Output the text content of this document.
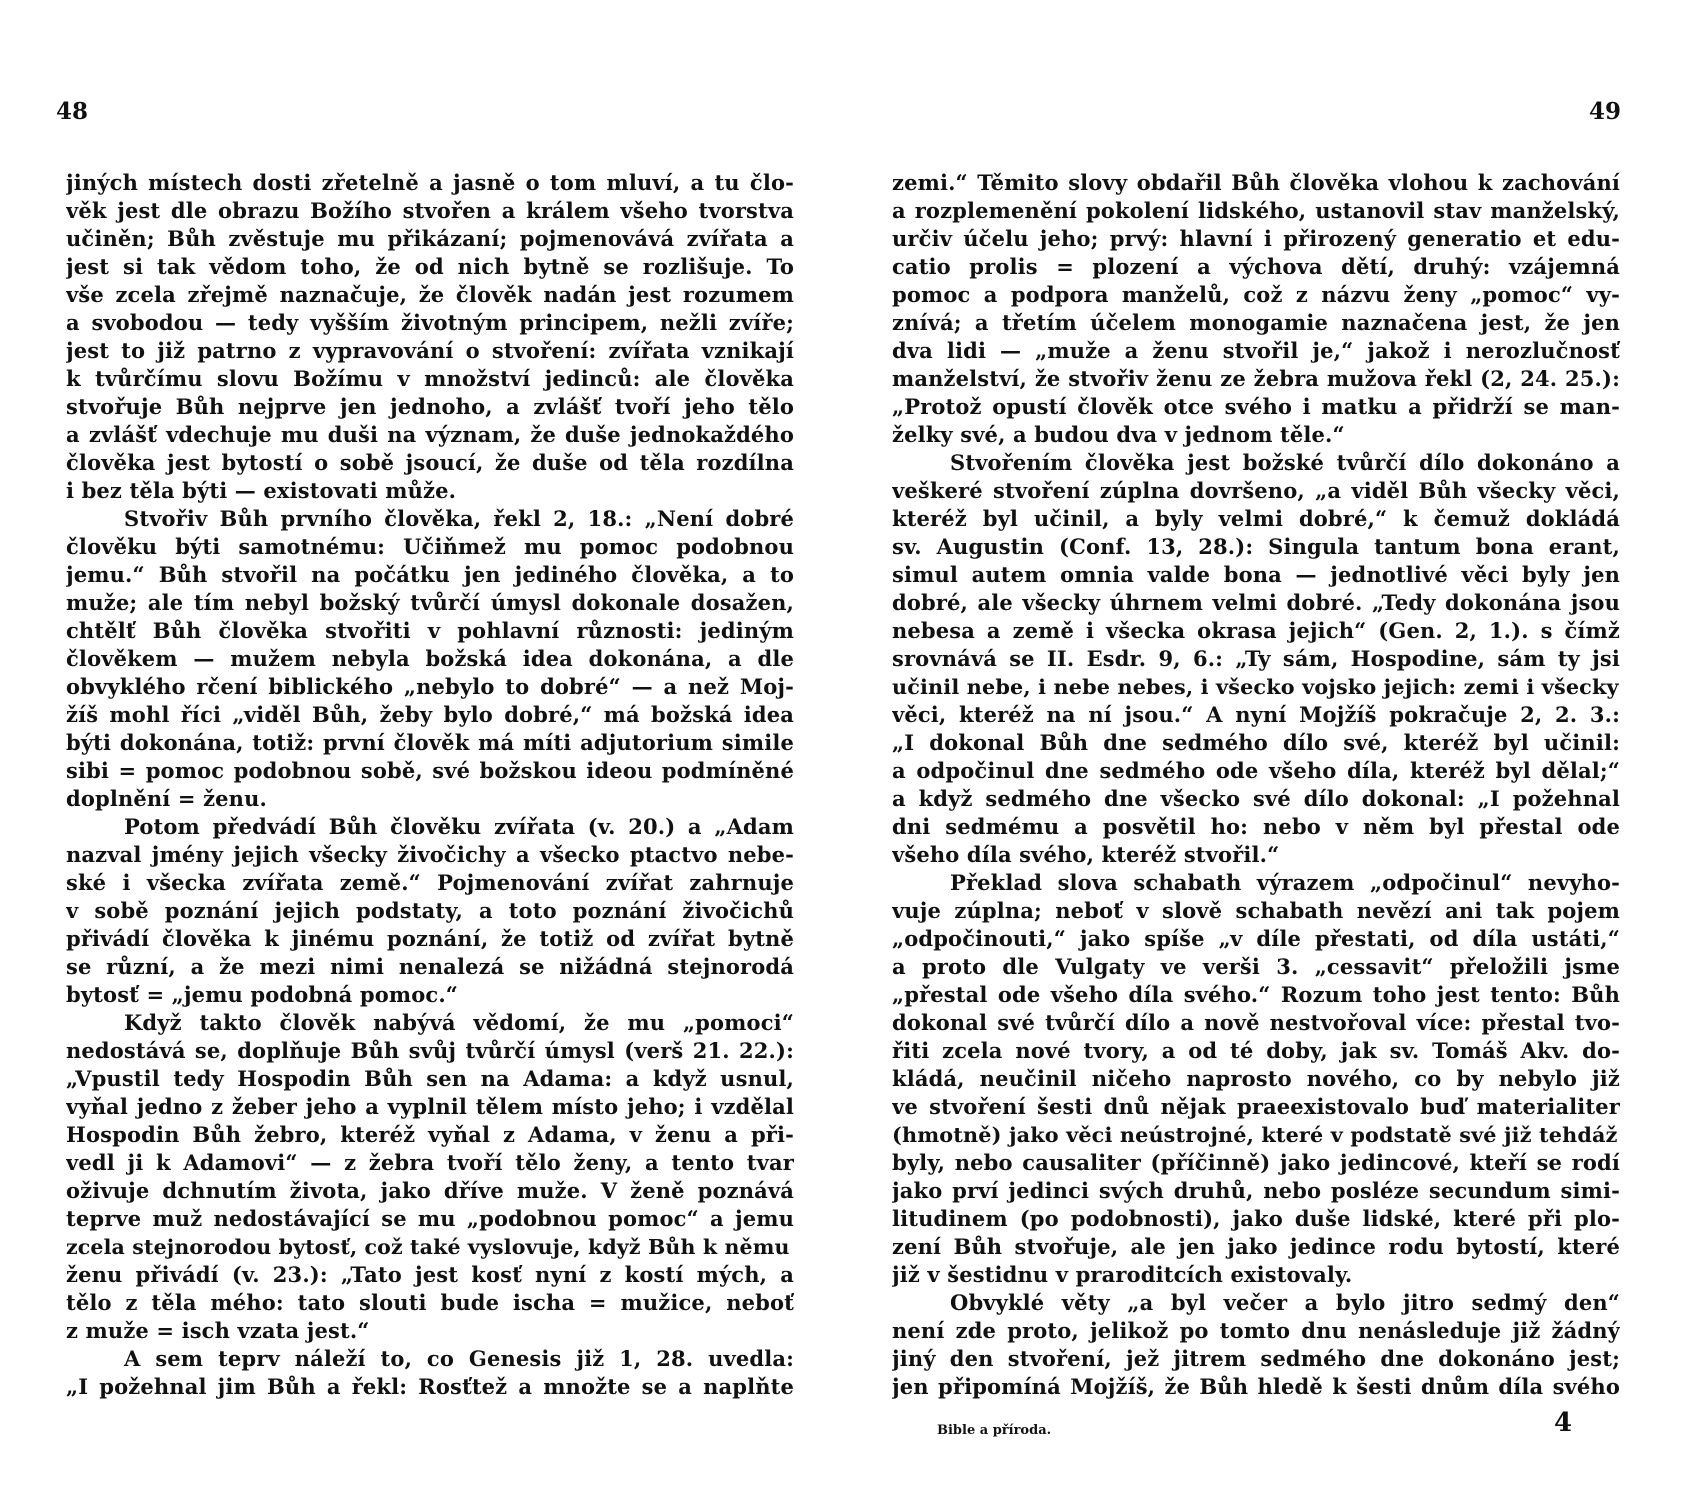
48
jiných místech dosti zřetelně a jasně o tom mluví, a tu člo-
věk jest dle obrazu Božího stvořen a králem všeho tvorstva
učiněn; Bůh zvěstuje mu přikázaní; pojmenovává zvířata a
jest si tak vědom toho, že od nich bytně se rozlišuje. To
vše zcela zřejmě naznačuje, že člověk nadán jest rozumem
a svobodou — tedy vyšším životným principem, nežli zvíře;
jest to již patrno z vypravování o stvoření: zvířata vznikají
k tvůrčímu slovu Božímu v množství jedinců: ale člověka
stvořuje Bůh nejprve jen jednoho, a zvlášť tvoří jeho tělo
a zvlášť vdechuje mu duši na význam, že duše jednokaždého
člověka jest bytostí o sobě jsoucí, že duše od těla rozdílna
i bez těla býti — existovati může.
Stvořiv Bůh prvního člověka, řekl 2, 18.: „Není dobré
člověku býti samotnému: Učiňmež mu pomoc podobnou
jemu.“ Bůh stvořil na počátku jen jediného člověka, a to
muže; ale tím nebyl božský tvůrčí úmysl dokonale dosažen,
chtělť Bůh člověka stvořiti v pohlavní různosti: jediným
člověkem — mužem nebyla božská idea dokonána, a dle
obvyklého rčení biblického „nebylo to dobré“ — a než Moj-
žíš mohl říci „viděl Bůh, žeby bylo dobré,“ má božská idea
býti dokonána, totiž: první člověk má míti adjutorium simile
sibi = pomoc podobnou sobě, své božskou ideou podmíněné
doplnění = ženu.
Potom předvádí Bůh člověku zvířata (v. 20.) a „Adam
nazval jmény jejich všecky živočichy a všecko ptactvo nebe-
ské i všecka zvířata země.“ Pojmenování zvířat zahrnuje
v sobě poznání jejich podstaty, a toto poznání živočichů
přivádí člověka k jinému poznání, že totiž od zvířat bytně
se různí, a že mezi nimi nenalezá se nižádná stejnorodá
bytosť = „jemu podobná pomoc.“
Když takto člověk nabývá vědomí, že mu „pomoci“
nedostává se, doplňuje Bůh svůj tvůrčí úmysl (verš 21. 22.):
„Vpustil tedy Hospodin Bůh sen na Adama: a když usnul,
vyňal jedno z žeber jeho a vyplnil tělem místo jeho; i vzdělal
Hospodin Bůh žebro, kteréž vyňal z Adama, v ženu a při-
vedl ji k Adamovi“ — z žebra tvoří tělo ženy, a tento tvar
oživuje dchnutím života, jako dříve muže. V ženě poznává
teprve muž nedostávající se mu „podobnou pomoc“ a jemu
zcela stejnorodou bytosť, což také vyslovuje, když Bůh k němu
ženu přivádí (v. 23.): „Tato jest kosť nyní z kostí mých, a
tělo z těla mého: tato slouti bude ischa = mužice, neboť
z muže = isch vzata jest.“
A sem teprv náleží to, co Genesis již 1, 28. uvedla:
„I požehnal jim Bůh a řekl: Rosťtež a množte se a naplňte
49
zemi.“ Těmito slovy obdařil Bůh člověka vlohou k zachování
a rozplemenění pokolení lidského, ustanovil stav manželský,
určiv účelu jeho; prvý: hlavní i přirozený generatio et edu-
catio prolis = plození a výchova dětí, druhý: vzájemná
pomoc a podpora manželů, což z názvu ženy „pomoc“ vy-
znívá; a třetím účelem monogamie naznačena jest, že jen
dva lidi — „muže a ženu stvořil je,“ jakož i nerozlučnosť
manželství, že stvořiv ženu ze žebra mužova řekl (2, 24. 25.):
„Protož opustí člověk otce svého i matku a přidrží se man-
želky své, a budou dva v jednom těle.“
Stvořením člověka jest božské tvůrčí dílo dokonáno a
veškeré stvoření zúplna dovršeno, „a viděl Bůh všecky věci,
kteréž byl učinil, a byly velmi dobré,“ k čemuž dokládá
sv. Augustin (Conf. 13, 28.): Singula tantum bona erant,
simul autem omnia valde bona — jednotlivé věci byly jen
dobré, ale všecky úhrnem velmi dobré. „Tedy dokonána jsou
nebesa a země i všecka okrasa jejich“ (Gen. 2, 1.). s čímž
srovnává se II. Esdr. 9, 6.: „Ty sám, Hospodine, sám ty jsi
učinil nebe, i nebe nebes, i všecko vojsko jejich: zemi i všecky
věci, kteréž na ní jsou.“ A nyní Mojžíš pokračuje 2, 2. 3.:
„I dokonal Bůh dne sedmého dílo své, kteréž byl učinil:
a odpočinul dne sedmého ode všeho díla, kteréž byl dělal;“
a když sedmého dne všecko své dílo dokonal: „I požehnal
dni sedmému a posvětil ho: nebo v něm byl přestal ode
všeho díla svého, kteréž stvořil.“
Překlad slova schabath výrazem „odpočinul“ nevyho-
vuje zúplna; neboť v slově schabath nevězí ani tak pojem
„odpočinouti,“ jako spíše „v díle přestati, od díla ustáti,“
a proto dle Vulgaty ve verši 3. „cessavit“ přeložili jsme
„přestal ode všeho díla svého.“ Rozum toho jest tento: Bůh
dokonal své tvůrčí dílo a nově nestvořoval více: přestal tvo-
řiti zcela nové tvory, a od té doby, jak sv. Tomáš Akv. do-
kládá, neučinil ničeho naprosto nového, co by nebylo již
ve stvoření šesti dnů nějak praeexistovalo buď materialiter
(hmotně) jako věci neústrojné, které v podstatě své již tehdáž
byly, nebo causaliter (příčinně) jako jedincové, kteří se rodí
jako prví jedinci svých druhů, nebo posléze secundum simi-
litudinem (po podobnosti), jako duše lidské, které při plo-
zení Bůh stvořuje, ale jen jako jedince rodu bytostí, které
již v šestidnu v praroditcích existovaly.
Obvyklé věty „a byl večer a bylo jitro sedmý den“
není zde proto, jelikož po tomto dnu nenásleduje již žádný
jiný den stvoření, jež jitrem sedmého dne dokonáno jest;
jen připomíná Mojžíš, že Bůh hledě k šesti dnům díla svého
Bible a příroda.	4
